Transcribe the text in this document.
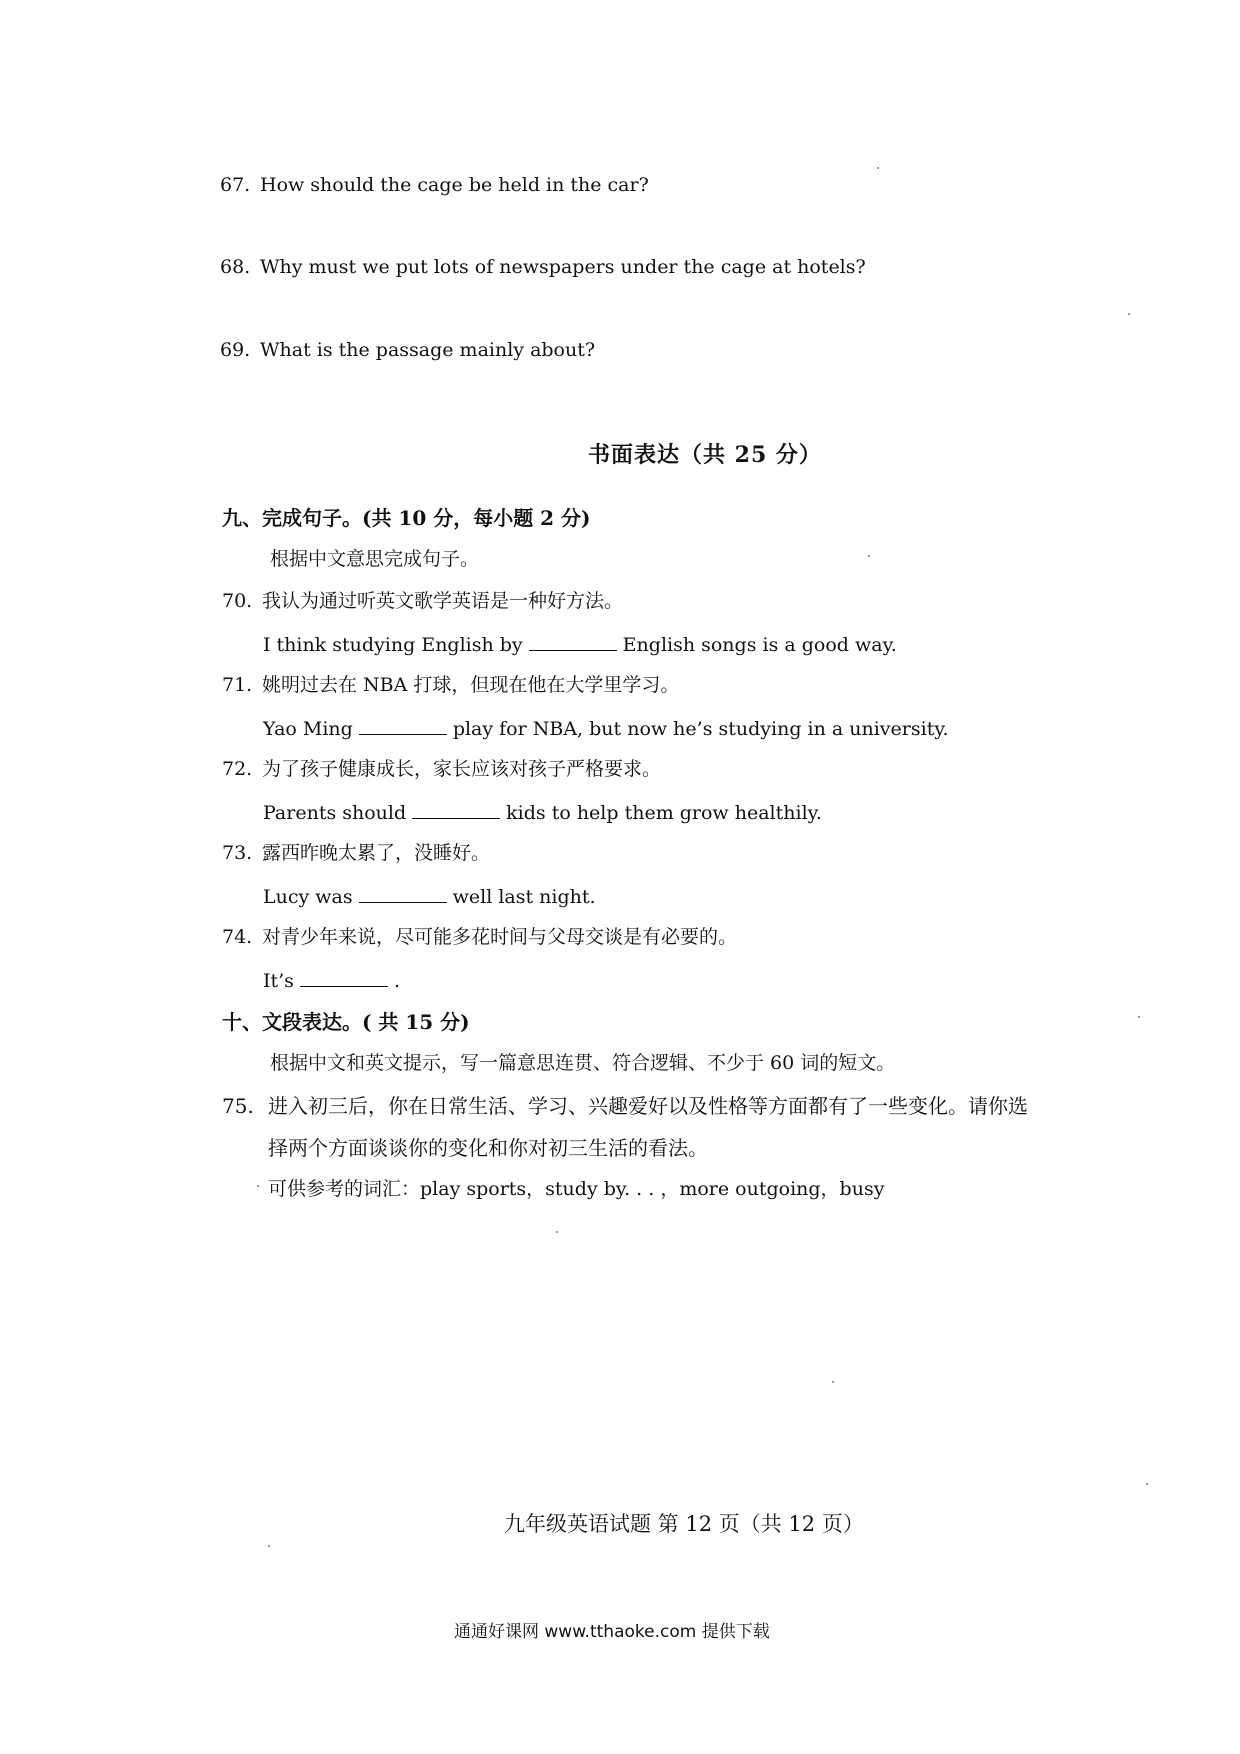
67. How should the cage be held in the car?
68. Why must we put lots of newspapers under the cage at hotels?
69. What is the passage mainly about?
书面表达（共 25 分）
九、完成句子。(共 10 分，每小题 2 分)
根据中文意思完成句子。
70. 我认为通过听英文歌学英语是一种好方法。
I think studying English by	English songs is a good way.
71. 姚明过去在 NBA 打球，但现在他在大学里学习。
Yao Ming	play for NBA, but now he’s studying in a university.
72. 为了孩子健康成长，家长应该对孩子严格要求。
Parents should	kids to help them grow healthily.
73. 露西昨晚太累了，没睡好。
Lucy was	well last night.
74. 对青少年来说，尽可能多花时间与父母交谈是有必要的。
It’s	.
十、文段表达。( 共 15 分)
根据中文和英文提示，写一篇意思连贯、符合逻辑、不少于 60 词的短文。
75. 进入初三后，你在日常生活、学习、兴趣爱好以及性格等方面都有了一些变化。请你选
择两个方面谈谈你的变化和你对初三生活的看法。
可供参考的词汇：play sports，study by. . . ，more outgoing，busy
九年级英语试题 第 12 页（共 12 页）
通通好课网 www.tthaoke.com 提供下载
